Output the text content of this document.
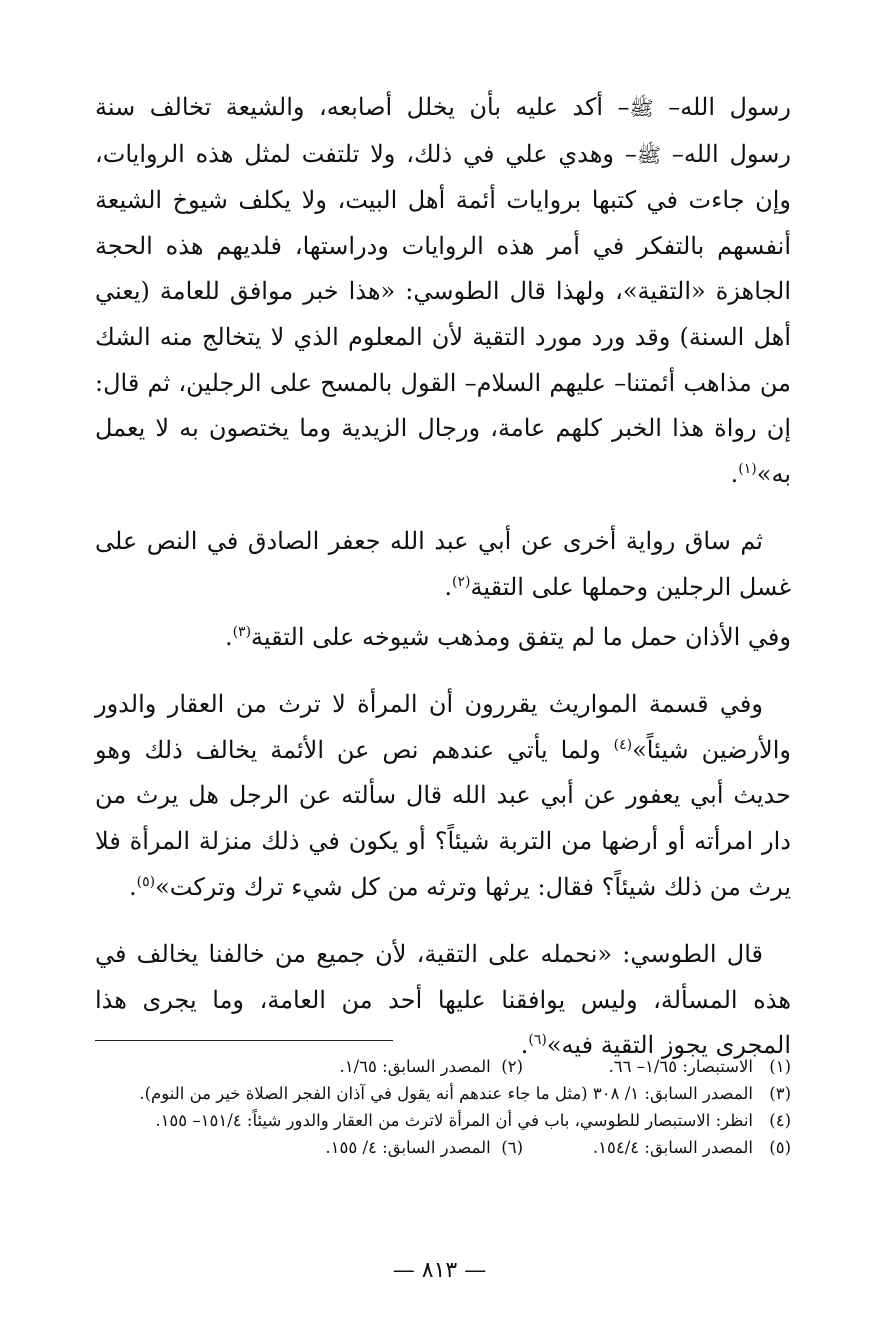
رسول الله– ﷺ– أكد عليه بأن يخلل أصابعه، والشيعة تخالف سنة رسول الله– ﷺ– وهدي علي في ذلك، ولا تلتفت لمثل هذه الروايات، وإن جاءت في كتبها بروايات أئمة أهل البيت، ولا يكلف شيوخ الشيعة أنفسهم بالتفكر في أمر هذه الروايات ودراستها، فلديهم هذه الحجة الجاهزة «التقية»، ولهذا قال الطوسي: «هذا خبر موافق للعامة (يعني أهل السنة) وقد ورد مورد التقية لأن المعلوم الذي لا يتخالج منه الشك من مذاهب أئمتنا– عليهم السلام– القول بالمسح على الرجلين، ثم قال: إن رواة هذا الخبر كلهم عامة، ورجال الزيدية وما يختصون به لا يعمل به»$^{(١)}$.

ثم ساق رواية أخرى عن أبي عبد الله جعفر الصادق في النص على غسل الرجلين وحملها على التقية$^{(٢)}$.

وفي الأذان حمل ما لم يتفق ومذهب شيوخه على التقية$^{(٣)}$.

وفي قسمة المواريث يقررون أن المرأة لا ترث من العقار والدور والأرضين شيئاً»$^{(٤)}$ ولما يأتي عندهم نص عن الأئمة يخالف ذلك وهو حديث أبي يعفور عن أبي عبد الله قال سألته عن الرجل هل يرث من دار امرأته أو أرضها من التربة شيئاً؟ أو يكون في ذلك منزلة المرأة فلا يرث من ذلك شيئاً؟ فقال: يرثها وترثه من كل شيء ترك وتركت»$^{(٥)}$.

قال الطوسي: «نحمله على التقية، لأن جميع من خالفنا يخالف في هذه المسألة، وليس يوافقنا عليها أحد من العامة، وما يجرى هذا المجرى يجوز التقية فيه»$^{(٦)}$.

(١)
الاستبصار: ١/٦٥– ٦٦.
(٢)  المصدر السابق: ١/٦٥.
(٣)
المصدر السابق: ١/ ٣٠٨ (مثل ما جاء عندهم أنه يقول في آذان الفجر الصلاة خير من النوم).
(٤)
انظر: الاستبصار للطوسي، باب في أن المرأة لاترث من العقار والدور شيئاً: ١٥١/٤– ١٥٥.
(٥)
المصدر السابق: ١٥٤/٤.
(٦)  المصدر السابق: ٤/ ١٥٥.
— ٨١٣ —
